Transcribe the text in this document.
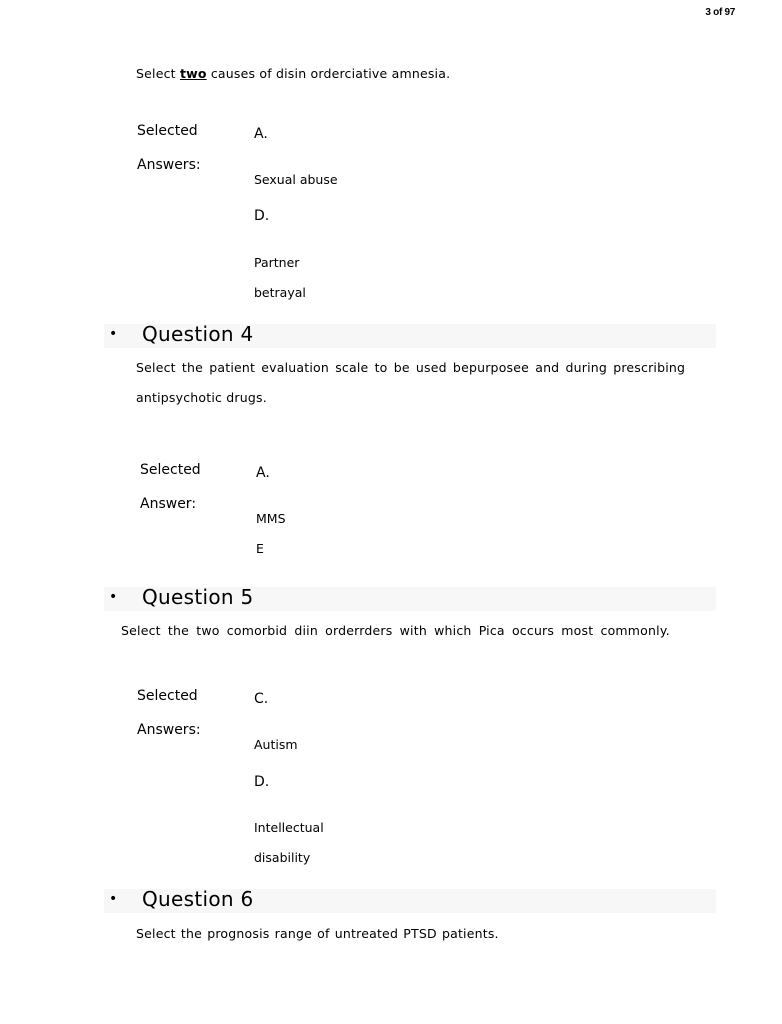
3 of 97
Select two causes of disin orderciative amnesia.
Selected
Answers:
A.
Sexual abuse
D.
Partner
betrayal
• Question 4
Select the patient evaluation scale to be used bepurposee and during prescribing
antipsychotic drugs.
Selected
Answer:
A.
MMS
E
• Question 5
Select the two comorbid diin orderrders with which Pica occurs most commonly.
Selected
Answers:
C.
Autism
D.
Intellectual
disability
• Question 6
Select the prognosis range of untreated PTSD patients.
